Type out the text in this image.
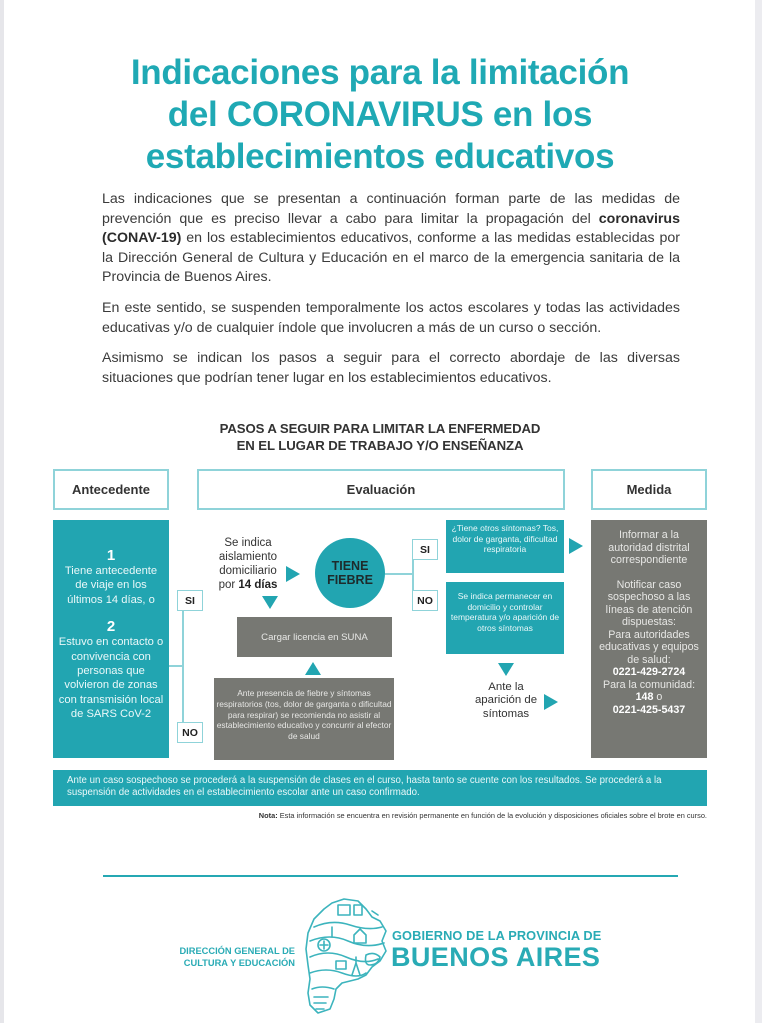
Indicaciones para la limitación
del CORONAVIRUS en los
establecimientos educativos

Las indicaciones que se presentan a continuación forman parte de las medidas de prevención que es preciso llevar a cabo para limitar la propagación del coronavirus (CONAV-19) en los establecimientos educativos, conforme a las medidas establecidas por la Dirección General de Cultura y Educación en el marco de la emergencia sanitaria de la Provincia de Buenos Aires.

En este sentido, se suspenden temporalmente los actos escolares y todas las actividades educativas y/o de cualquier índole que involucren a más de un curso o sección.

Asimismo se indican los pasos a seguir para el correcto abordaje de las diversas situaciones que podrían tener lugar en los establecimientos educativos.

PASOS A SEGUIR PARA LIMITAR LA ENFERMEDAD
EN EL LUGAR DE TRABAJO Y/O ENSEÑANZA
Antecedente	Evaluación	Medida
1
Tiene antecedente de viaje en los últimos 14 días, o
2
Estuvo en contacto o convivencia con personas que volvieron de zonas con transmisión local de SARS CoV-2
SI
NO
Se indica aislamiento domiciliario por 14 días
TIENE
FIEBRE
SI
NO
Cargar licencia en SUNA
Ante presencia de fiebre y síntomas respiratorios (tos, dolor de garganta o dificultad para respirar) se recomienda no asistir al establecimiento educativo y concurrir al efector de salud
¿Tiene otros síntomas? Tos, dolor de garganta, dificultad respiratoria
Se indica permanecer en domicilio y controlar temperatura y/o aparición de otros síntomas
Ante la aparición de síntomas
Informar a la autoridad distrital correspondiente
Notificar caso sospechoso a las líneas de atención dispuestas:
Para autoridades educativas y equipos de salud:
0221-429-2724
Para la comunidad:
148 o
0221-425-5437
Ante un caso sospechoso se procederá a la suspensión de clases en el curso, hasta tanto se cuente con los resultados. Se procederá a la suspensión de actividades en el establecimiento escolar ante un caso confirmado.
Nota: Esta información se encuentra en revisión permanente en función de la evolución y disposiciones oficiales sobre el brote en curso.
DIRECCIÓN GENERAL DE
CULTURA Y EDUCACIÓN
GOBIERNO DE LA PROVINCIA DE
BUENOS AIRES
